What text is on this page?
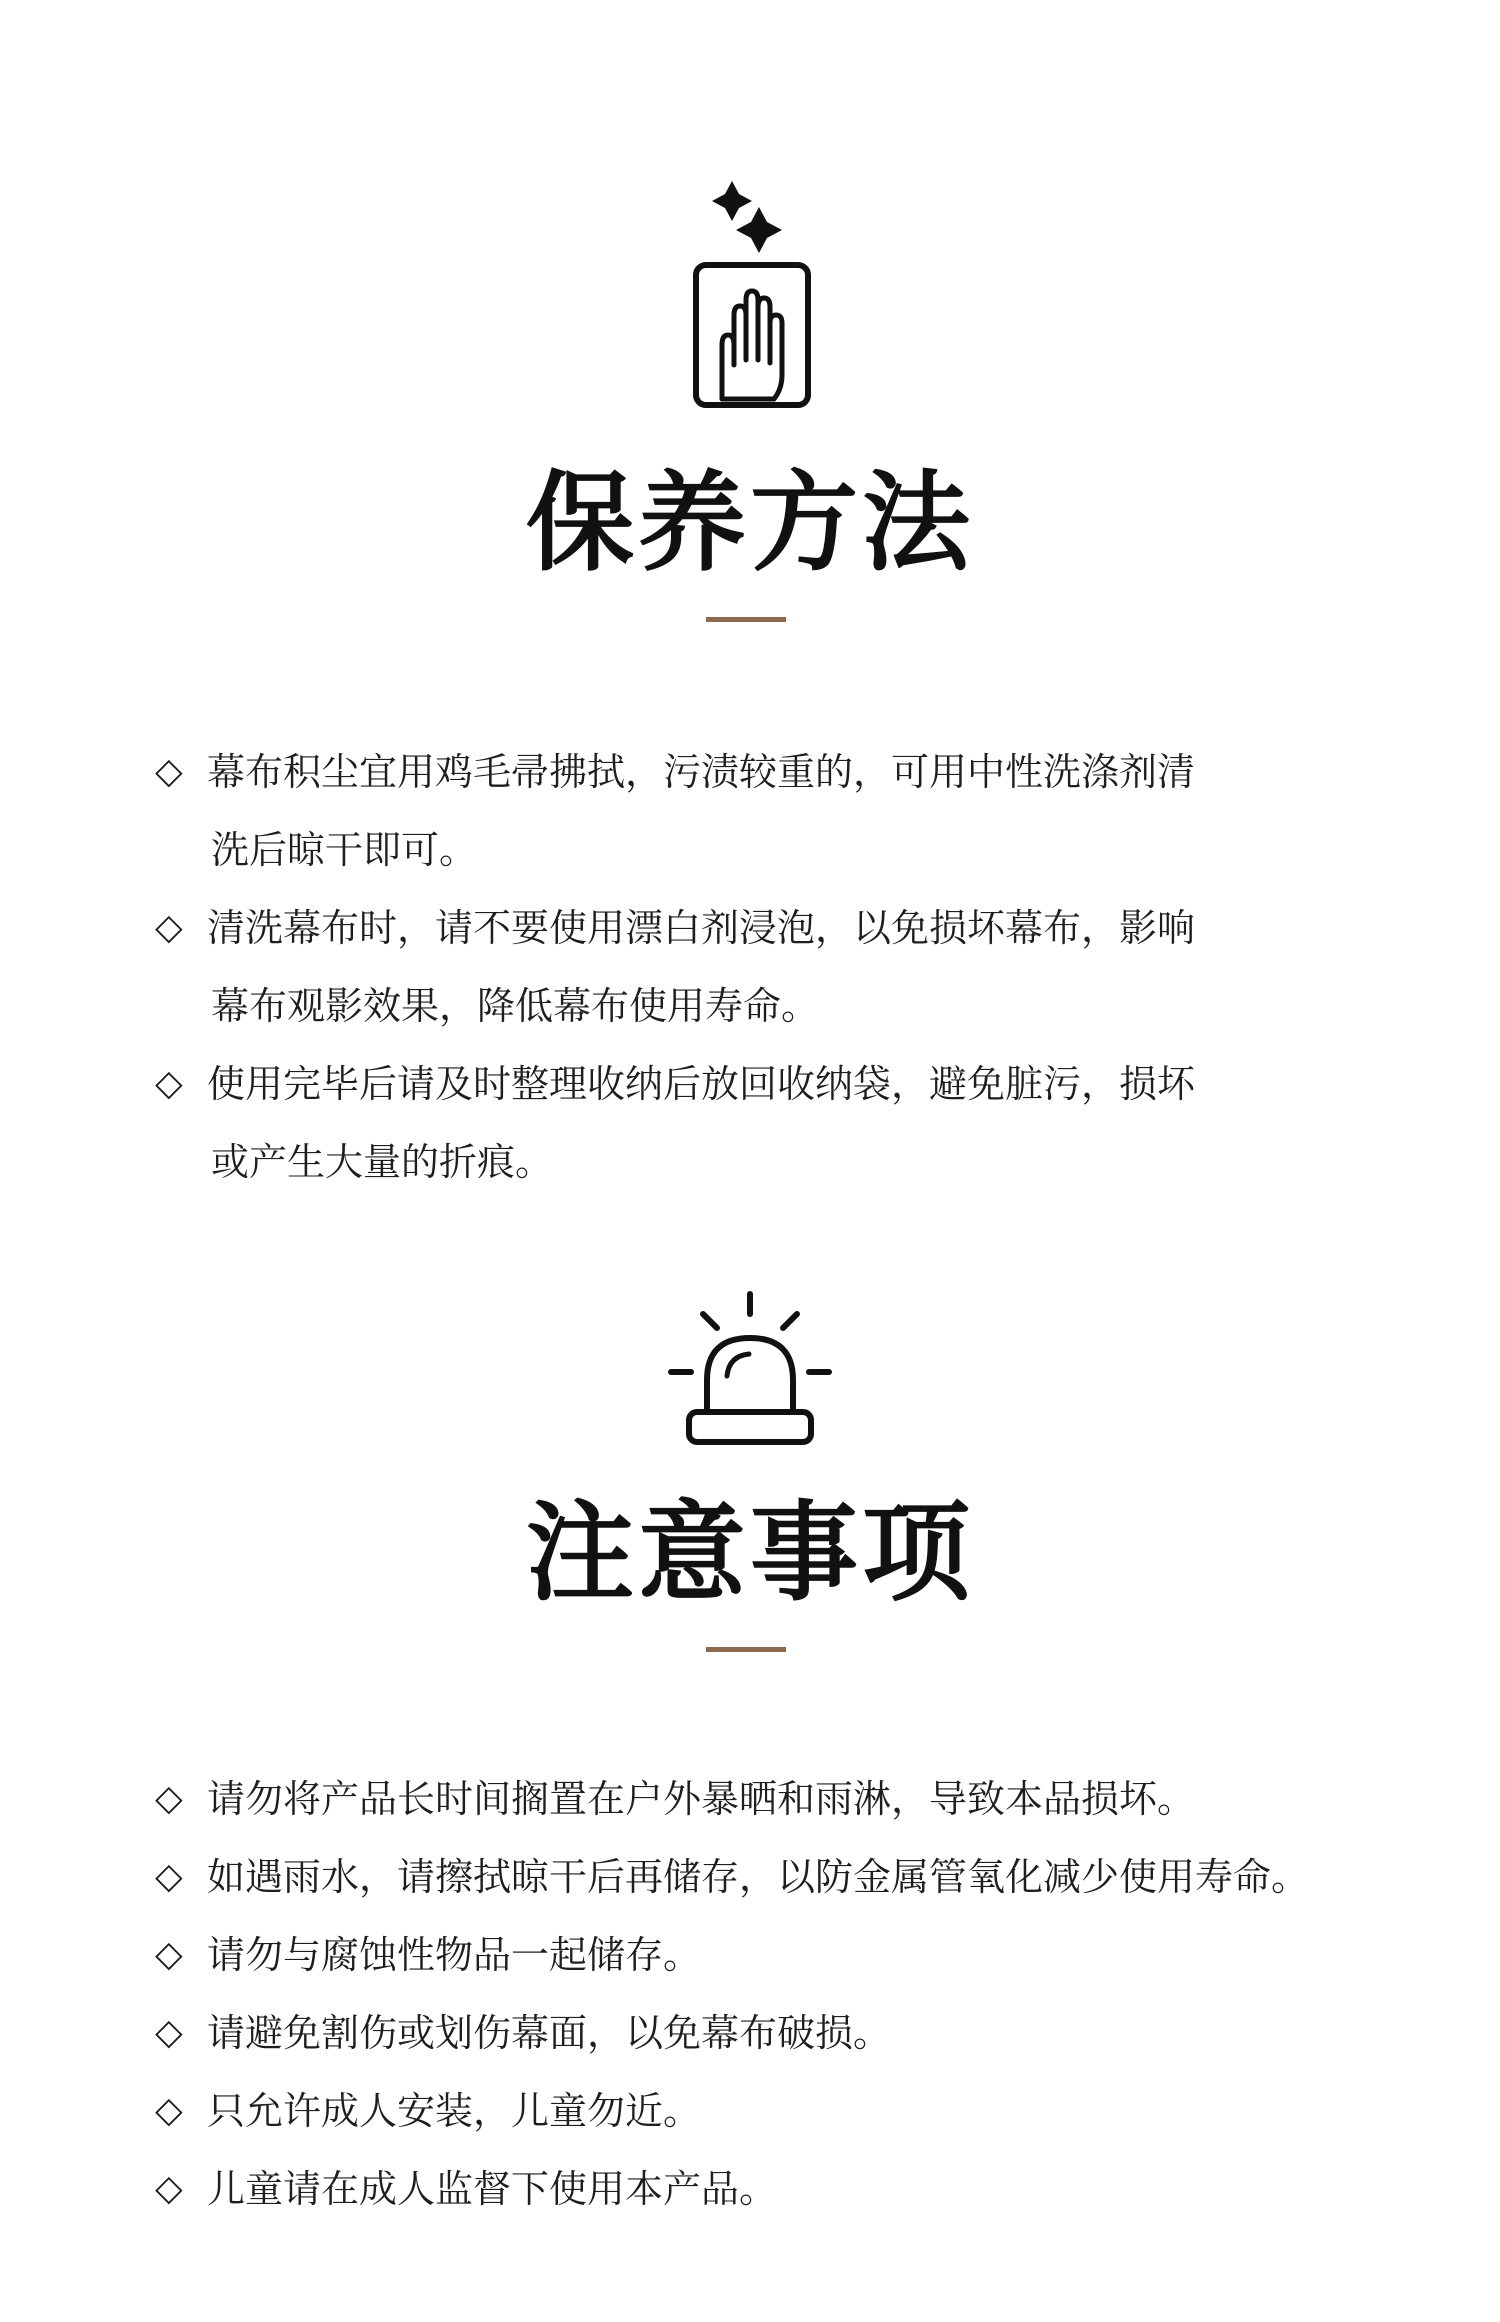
保养方法
◇ 幕布积尘宜用鸡毛帚拂拭，污渍较重的，可用中性洗涤剂清
洗后晾干即可。
◇ 清洗幕布时，请不要使用漂白剂浸泡，以免损坏幕布，影响
幕布观影效果，降低幕布使用寿命。
◇ 使用完毕后请及时整理收纳后放回收纳袋，避免脏污，损坏
或产生大量的折痕。
注意事项
◇ 请勿将产品长时间搁置在户外暴晒和雨淋，导致本品损坏。
◇ 如遇雨水，请擦拭晾干后再储存，以防金属管氧化减少使用寿命。
◇ 请勿与腐蚀性物品一起储存。
◇ 请避免割伤或划伤幕面，以免幕布破损。
◇ 只允许成人安装，儿童勿近。
◇ 儿童请在成人监督下使用本产品。
